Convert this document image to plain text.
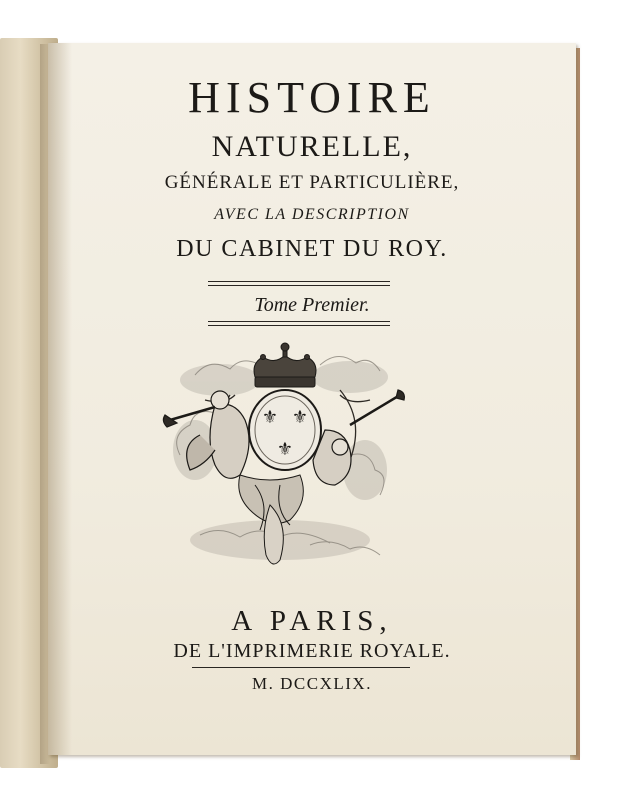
HISTOIRE
NATURELLE,
GÉNÉRALE ET PARTICULIÈRE,
AVEC LA DESCRIPTION
DU CABINET DU ROY.
Tome Premier.
⚜ ⚜
⚜
A PARIS,
DE L'IMPRIMERIE ROYALE.
M. DCCXLIX.
